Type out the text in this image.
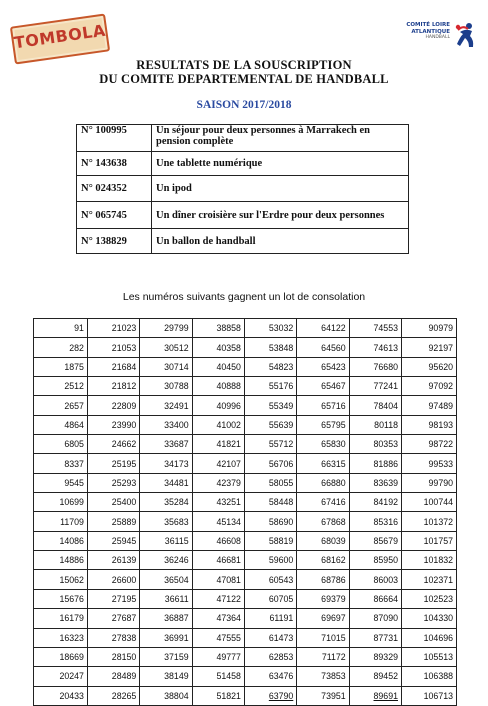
TOMBOLA	COMITÉ LOIRE
ATLANTIQUE
HANDBALL
RESULTATS DE LA SOUSCRIPTION
DU COMITE DEPARTEMENTAL DE HANDBALL
SAISON 2017/2018
N° 100995	Un séjour pour deux personnes à Marrakech en pension complète
N° 143638	Une tablette numérique
N° 024352	Un ipod
N° 065745	Un dîner croisière sur l'Erdre pour deux personnes
N° 138829	Un ballon de handball
Les numéros suivants gagnent un lot de consolation
91	21023	29799	38858	53032	64122	74553	90979
282	21053	30512	40358	53848	64560	74613	92197
1875	21684	30714	40450	54823	65423	76680	95620
2512	21812	30788	40888	55176	65467	77241	97092
2657	22809	32491	40996	55349	65716	78404	97489
4864	23990	33400	41002	55639	65795	80118	98193
6805	24662	33687	41821	55712	65830	80353	98722
8337	25195	34173	42107	56706	66315	81886	99533
9545	25293	34481	42379	58055	66880	83639	99790
10699	25400	35284	43251	58448	67416	84192	100744
11709	25889	35683	45134	58690	67868	85316	101372
14086	25945	36115	46608	58819	68039	85679	101757
14886	26139	36246	46681	59600	68162	85950	101832
15062	26600	36504	47081	60543	68786	86003	102371
15676	27195	36611	47122	60705	69379	86664	102523
16179	27687	36887	47364	61191	69697	87090	104330
16323	27838	36991	47555	61473	71015	87731	104696
18669	28150	37159	49777	62853	71172	89329	105513
20247	28489	38149	51458	63476	73853	89452	106388
20433	28265	38804	51821	63790	73951	89691	106713
